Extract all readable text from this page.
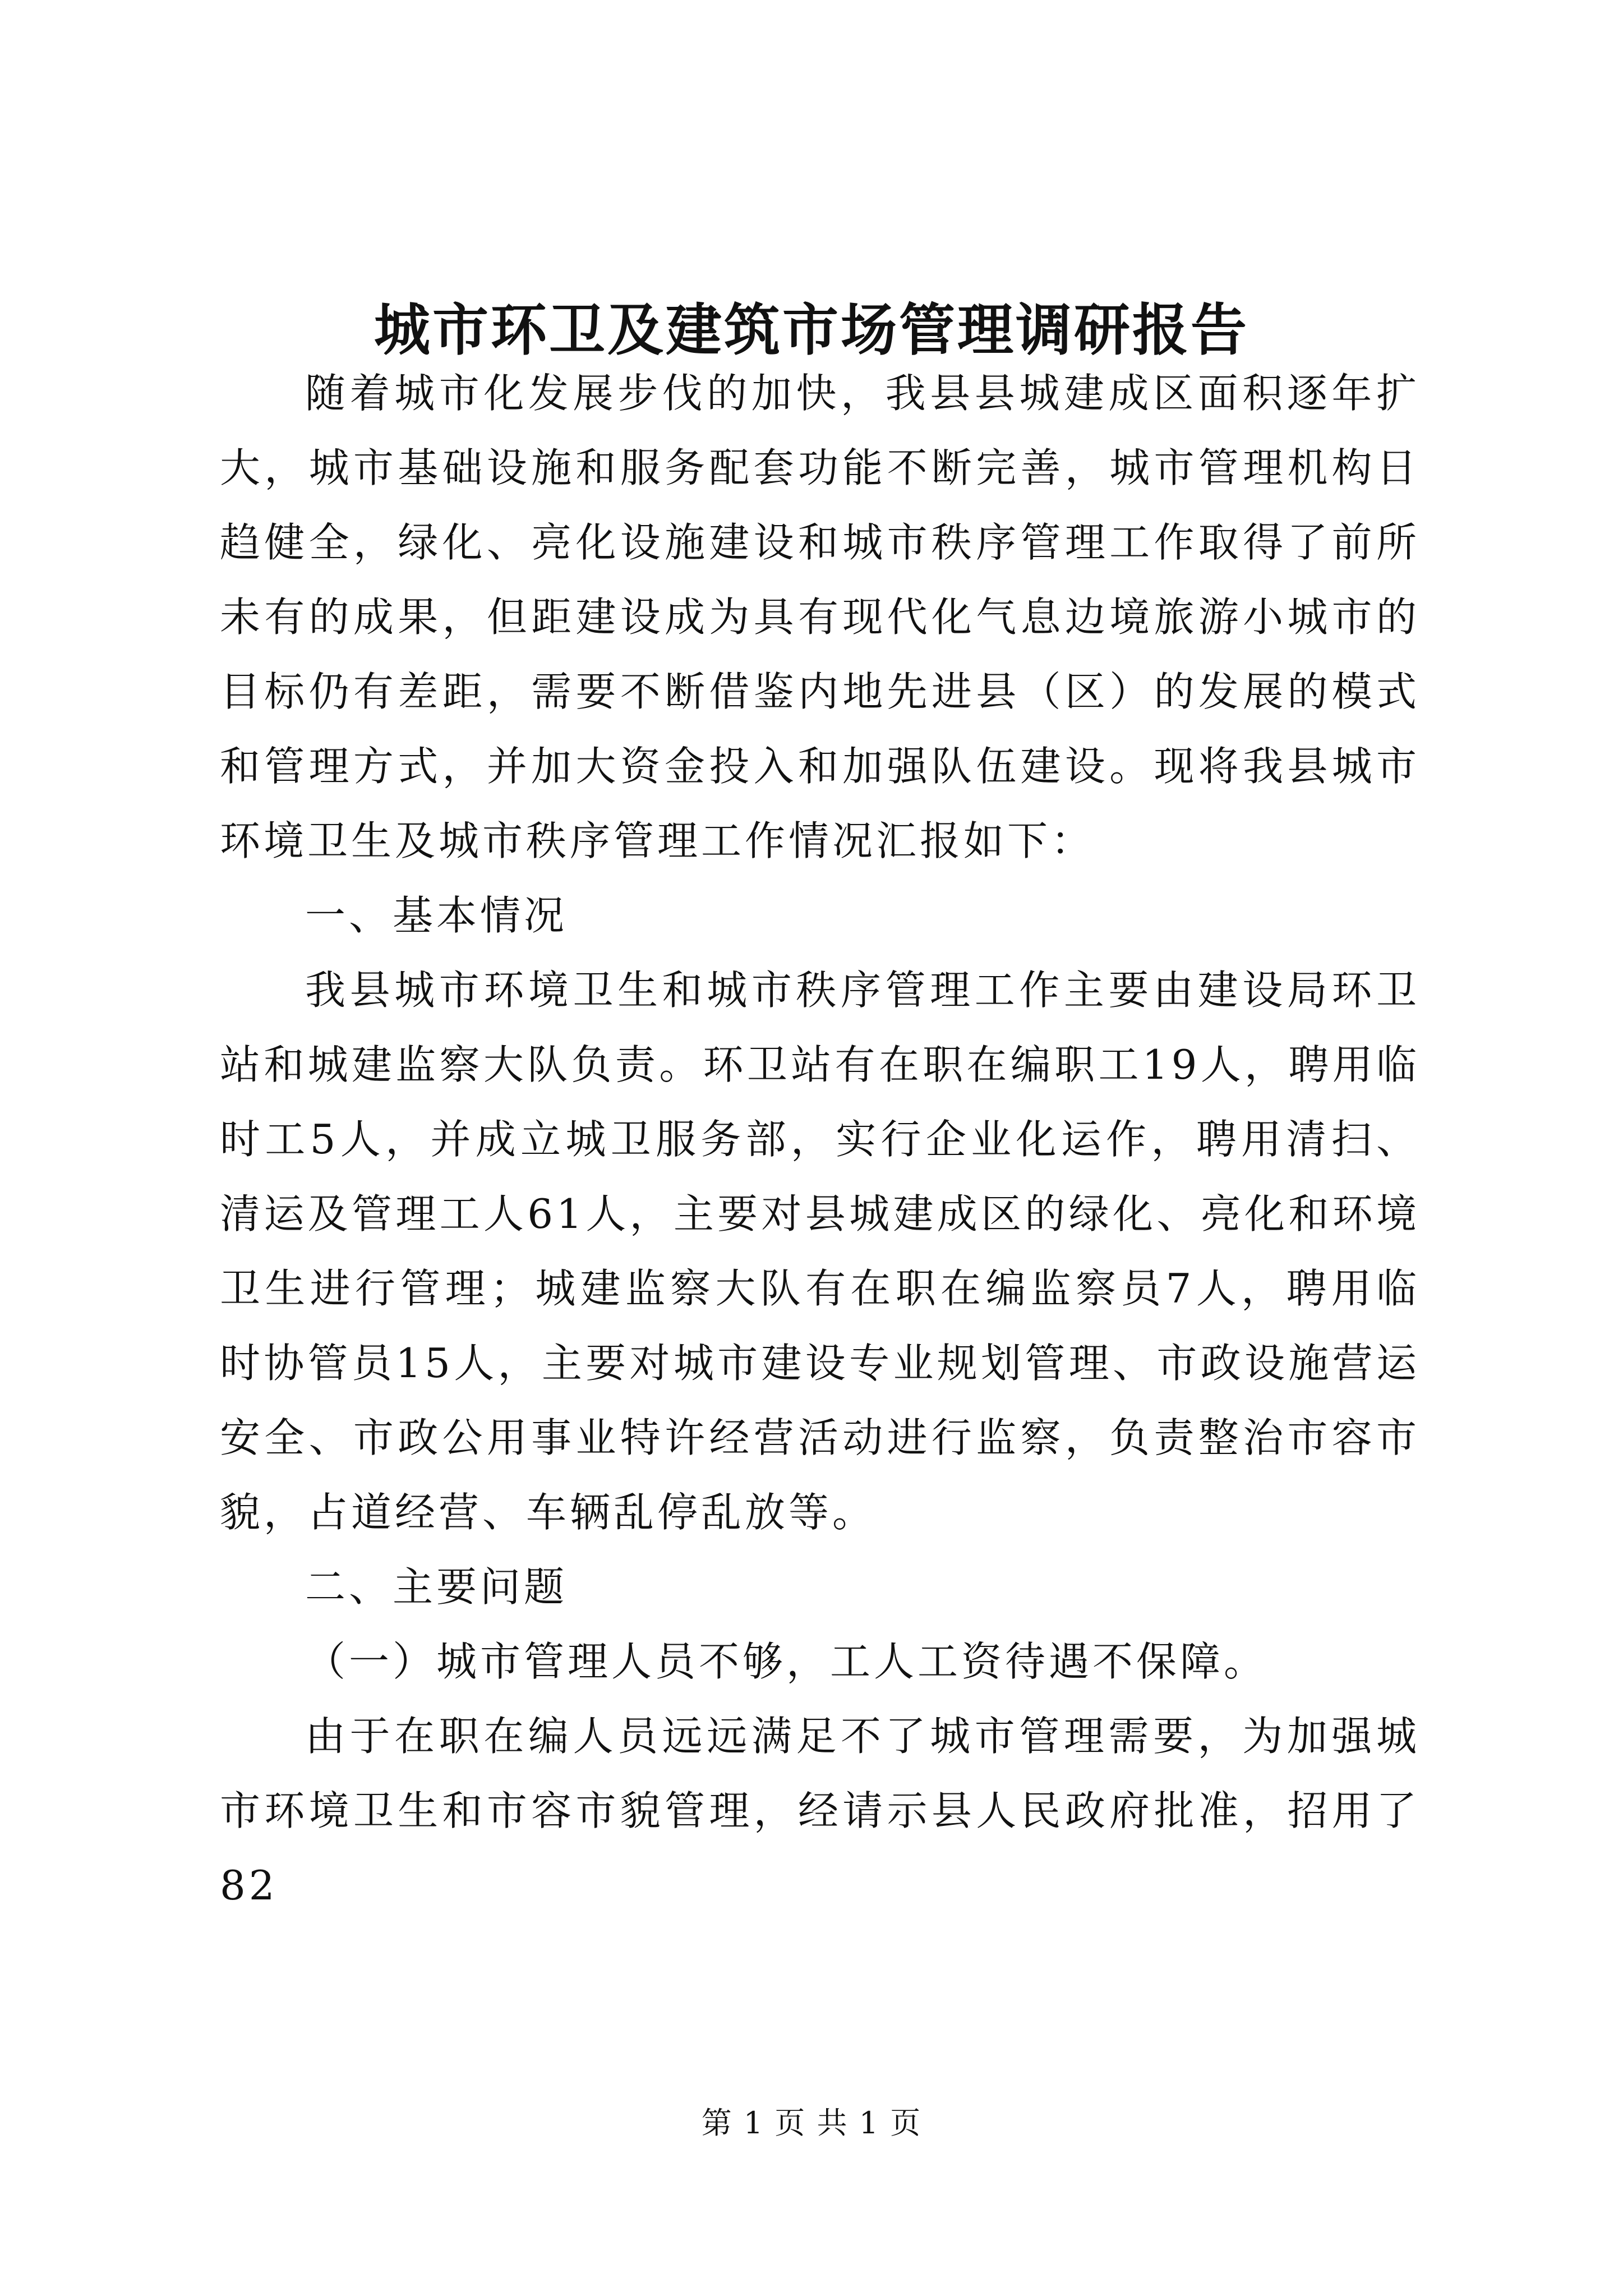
城市环卫及建筑市场管理调研报告

随着城市化发展步伐的加快，我县县城建成区面积逐年扩大，城市基础设施和服务配套功能不断完善，城市管理机构日趋健全，绿化、亮化设施建设和城市秩序管理工作取得了前所未有的成果，但距建设成为具有现代化气息边境旅游小城市的目标仍有差距，需要不断借鉴内地先进县（区）的发展的模式和管理方式，并加大资金投入和加强队伍建设。现将我县城市环境卫生及城市秩序管理工作情况汇报如下：

一、基本情况

我县城市环境卫生和城市秩序管理工作主要由建设局环卫站和城建监察大队负责。环卫站有在职在编职工19人，聘用临时工5人，并成立城卫服务部，实行企业化运作，聘用清扫、清运及管理工人61人，主要对县城建成区的绿化、亮化和环境卫生进行管理；城建监察大队有在职在编监察员7人，聘用临时协管员15人，主要对城市建设专业规划管理、市政设施营运安全、市政公用事业特许经营活动进行监察，负责整治市容市貌，占道经营、车辆乱停乱放等。

二、主要问题

（一）城市管理人员不够，工人工资待遇不保障。

由于在职在编人员远远满足不了城市管理需要，为加强城市环境卫生和市容市貌管理，经请示县人民政府批准，招用了82

第 1 页 共 1 页
